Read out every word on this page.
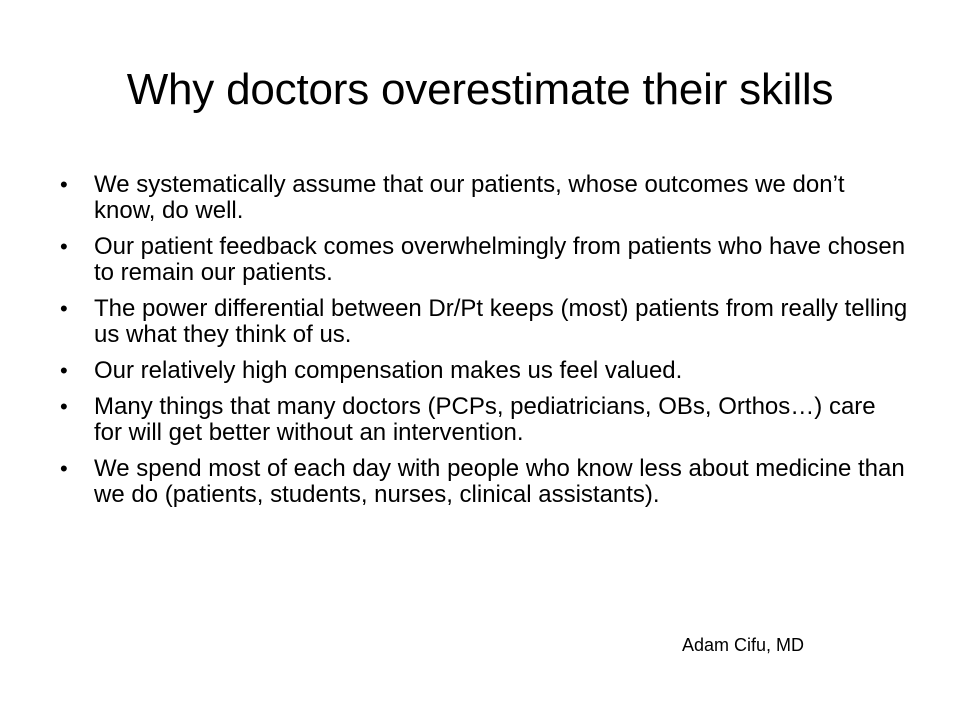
Why doctors overestimate their skills
• We systematically assume that our patients, whose outcomes we don’t know, do well.
• Our patient feedback comes overwhelmingly from patients who have chosen to remain our patients.
• The power differential between Dr/Pt keeps (most) patients from really telling us what they think of us.
• Our relatively high compensation makes us feel valued.
• Many things that many doctors (PCPs, pediatricians, OBs, Orthos…) care for will get better without an intervention.
• We spend most of each day with people who know less about medicine than we do (patients, students, nurses, clinical assistants).
Adam Cifu, MD
